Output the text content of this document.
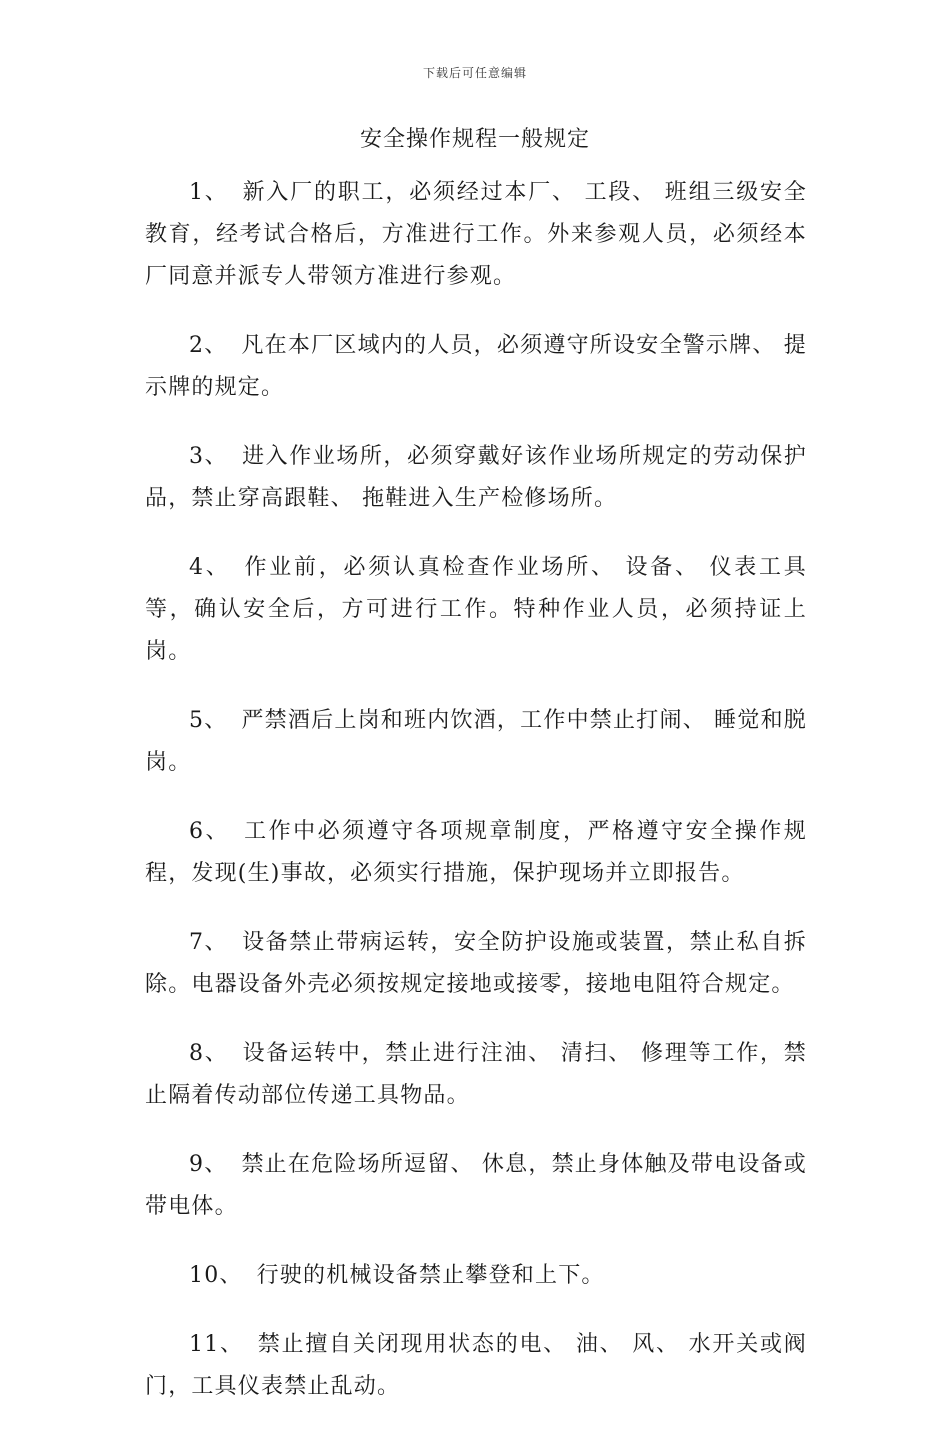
下载后可任意编辑
安全操作规程一般规定

1、 新入厂的职工，必须经过本厂、 工段、 班组三级安全教育，经考试合格后，方准进行工作。外来参观人员，必须经本厂同意并派专人带领方准进行参观。

2、 凡在本厂区域内的人员，必须遵守所设安全警示牌、 提示牌的规定。

3、 进入作业场所，必须穿戴好该作业场所规定的劳动保护品，禁止穿高跟鞋、 拖鞋进入生产检修场所。

4、 作业前，必须认真检查作业场所、 设备、 仪表工具等，确认安全后，方可进行工作。特种作业人员，必须持证上岗。

5、 严禁酒后上岗和班内饮酒，工作中禁止打闹、 睡觉和脱岗。

6、 工作中必须遵守各项规章制度，严格遵守安全操作规程，发现(生)事故，必须实行措施，保护现场并立即报告。

7、 设备禁止带病运转，安全防护设施或装置，禁止私自拆除。电器设备外壳必须按规定接地或接零，接地电阻符合规定。

8、 设备运转中，禁止进行注油、 清扫、 修理等工作，禁止隔着传动部位传递工具物品。

9、 禁止在危险场所逗留、 休息，禁止身体触及带电设备或带电体。

10、 行驶的机械设备禁止攀登和上下。

11、 禁止擅自关闭现用状态的电、 油、 风、 水开关或阀门，工具仪表禁止乱动。
